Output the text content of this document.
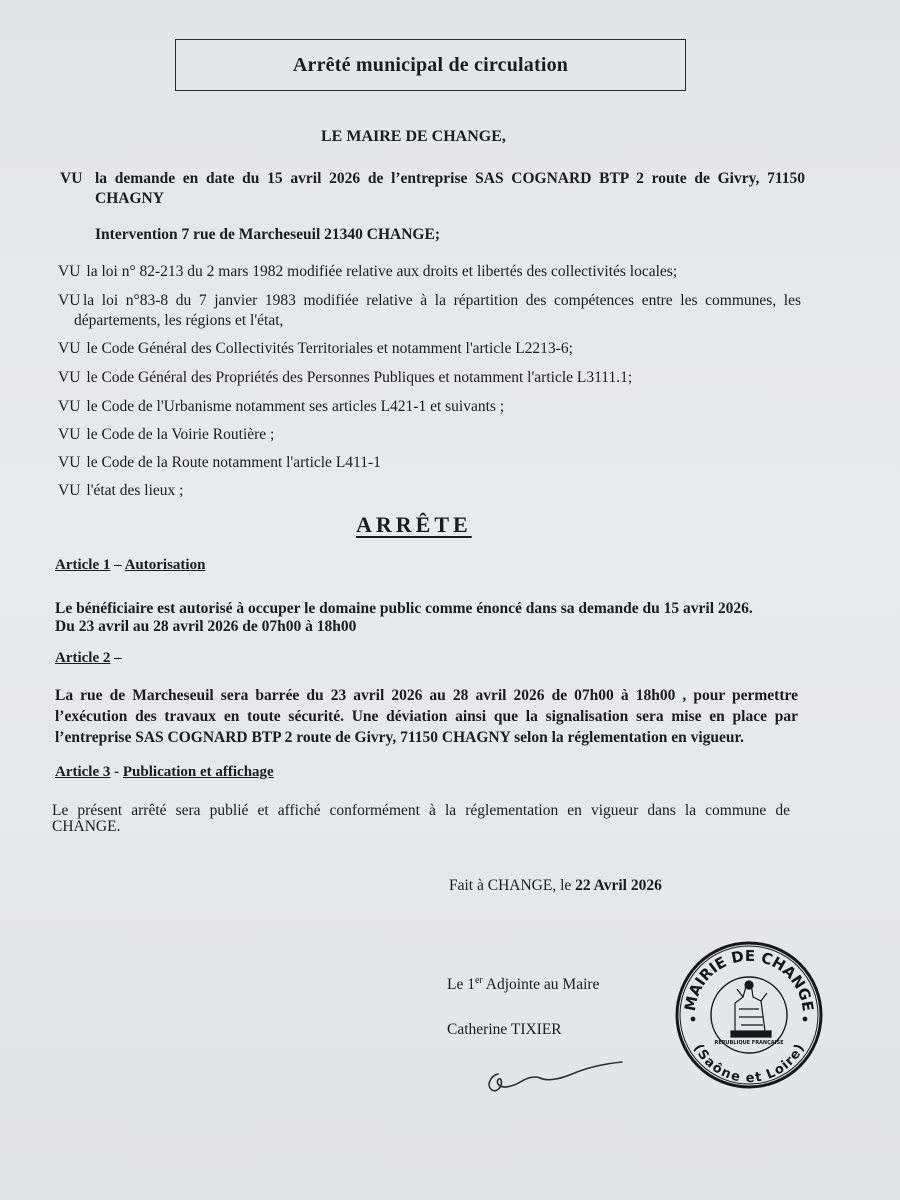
Arrêté municipal de circulation
LE MAIRE DE CHANGE,
VU la demande en date du 15 avril 2026 de l’entreprise SAS COGNARD BTP 2 route de Givry, 71150
CHAGNY
Intervention 7 rue de Marcheseuil 21340 CHANGE;
VU la loi n° 82-213 du 2 mars 1982 modifiée relative aux droits et libertés des collectivités locales;
VU la loi n°83-8 du 7 janvier 1983 modifiée relative à la répartition des compétences entre les communes, les
départements, les régions et l'état,
VU le Code Général des Collectivités Territoriales et notamment l'article L2213-6;
VU le Code Général des Propriétés des Personnes Publiques et notamment l'article L3111.1;
VU le Code de l'Urbanisme notamment ses articles L421-1 et suivants ;
VU le Code de la Voirie Routière ;
VU le Code de la Route notamment l'article L411-1
VU l'état des lieux ;
ARRÊTE
Article 1 – Autorisation
Le bénéficiaire est autorisé à occuper le domaine public comme énoncé dans sa demande du 15 avril 2026.
Du 23 avril au 28 avril 2026 de 07h00 à 18h00
Article 2 –
La rue de Marcheseuil sera barrée du 23 avril 2026 au 28 avril 2026 de 07h00 à 18h00 , pour permettre
l’exécution des travaux en toute sécurité. Une déviation ainsi que la signalisation sera mise en place par
l’entreprise SAS COGNARD BTP 2 route de Givry, 71150 CHAGNY selon la réglementation en vigueur.
Article 3 - Publication et affichage
Le présent arrêté sera publié et affiché conformément à la réglementation en vigueur dans la commune de
CHANGE.
Fait à CHANGE, le 22 Avril 2026
Le 1er Adjointe au Maire
Catherine TIXIER
MAIRIE DE CHANGE
(Saône et Loire)
REPUBLIQUE FRANÇAISE
